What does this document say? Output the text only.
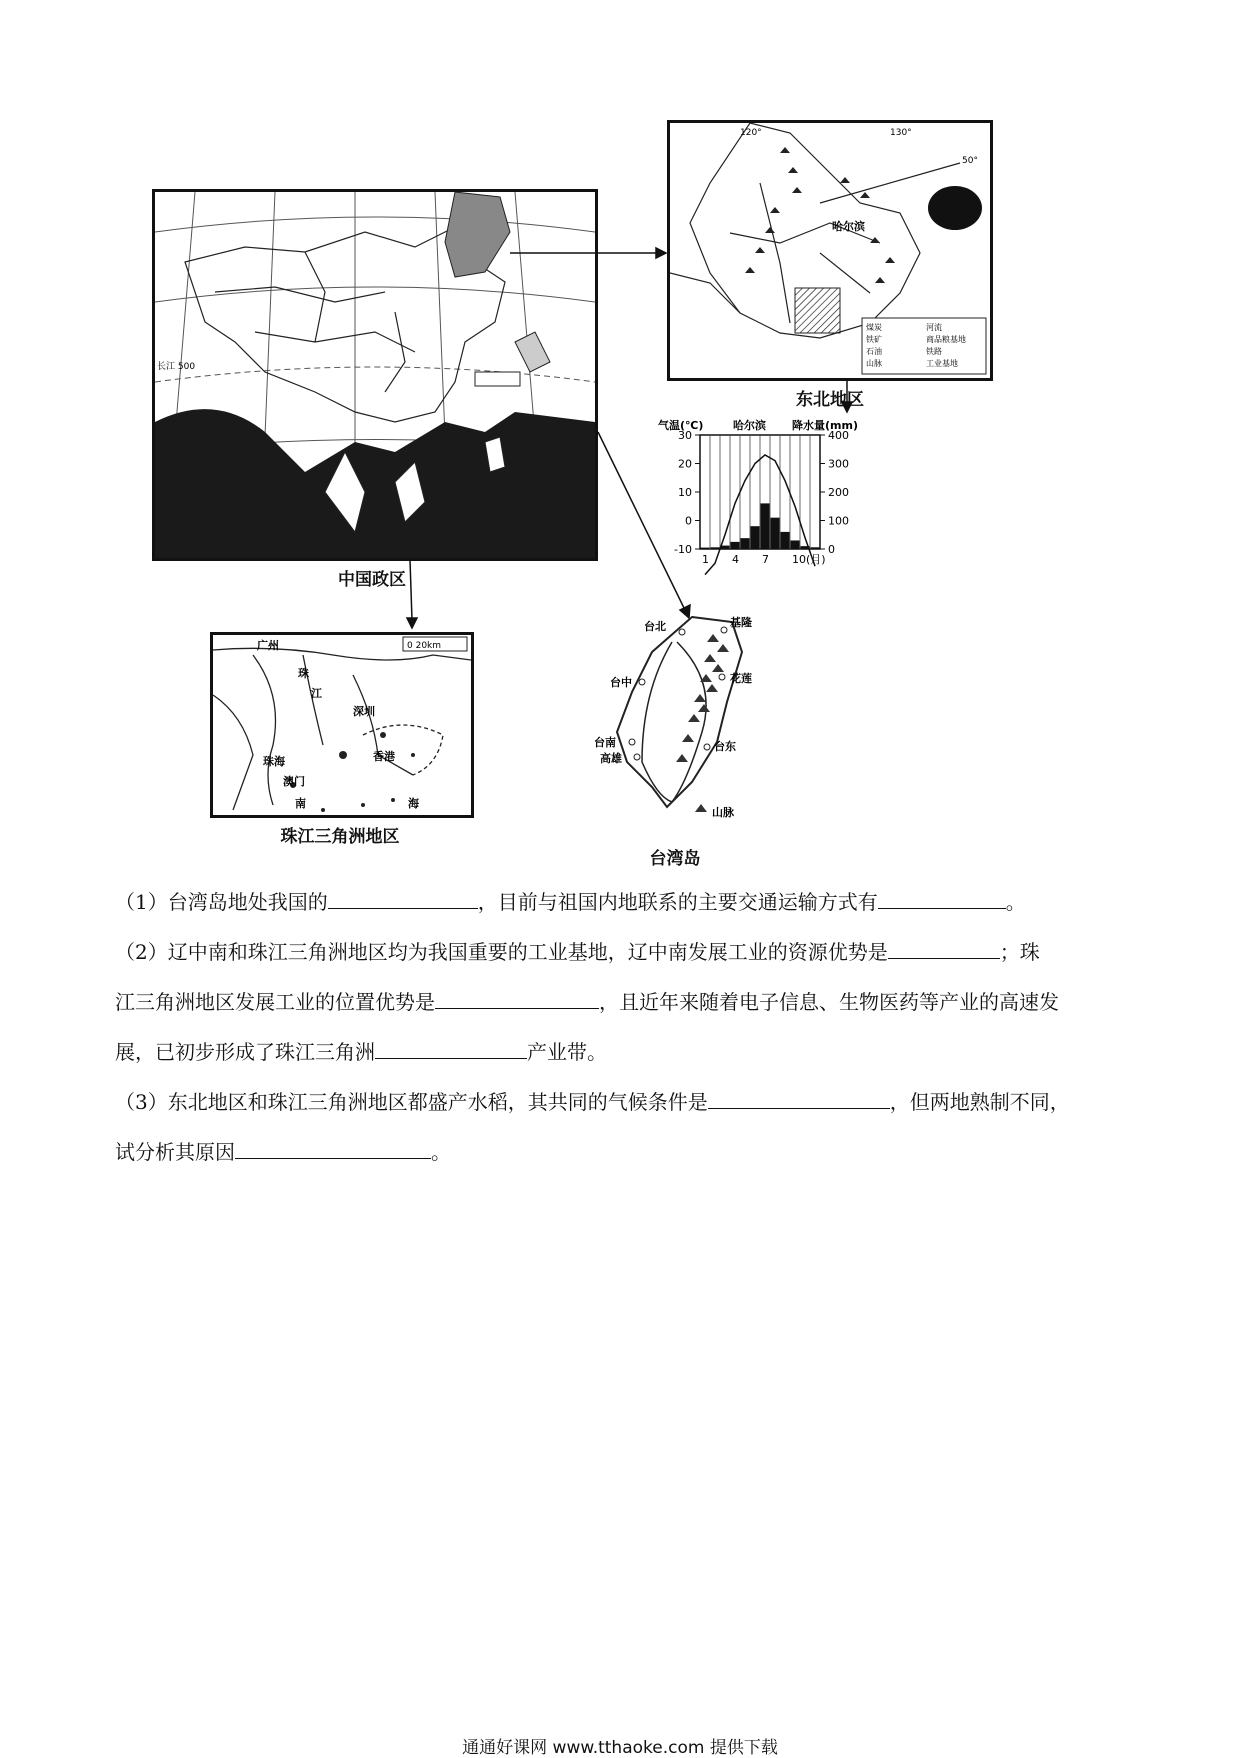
长江 500
中国政区
120°	130°
50°
哈尔滨
煤炭	河流
铁矿	商品粮基地
石油	铁路
山脉	工业基地
东北地区
气温(℃)	哈尔滨 降水量(mm)
30
20
10
0
-10
400
300
200
100
0
1 4 7 10(月)
0 20km
广州
珠
江
深圳
珠海
澳门
香港
南	海
珠江三角洲地区
台北	基隆
台中	花莲
台南
高雄
台东
山脉
台湾岛
（1）台湾岛地处我国的	，目前与祖国内地联系的主要交通运输方式有	。
（2）辽中南和珠江三角洲地区均为我国重要的工业基地，辽中南发展工业的资源优势是	；珠
江三角洲地区发展工业的位置优势是	，且近年来随着电子信息、生物医药等产业的高速发
展，已初步形成了珠江三角洲	产业带。
（3）东北地区和珠江三角洲地区都盛产水稻，其共同的气候条件是	，但两地熟制不同，
试分析其原因	。
通通好课网 www.tthaoke.com 提供下载
